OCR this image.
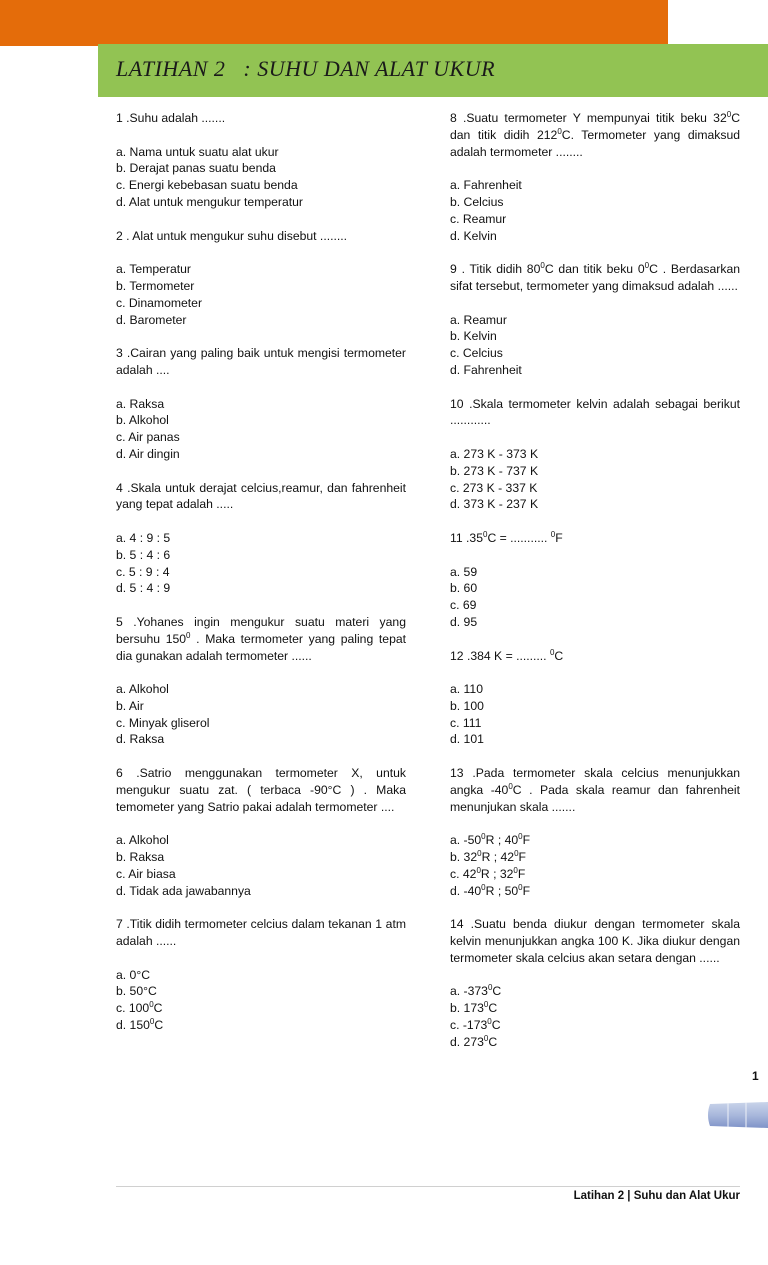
LATIHAN 2   : SUHU DAN ALAT UKUR
1 .Suhu adalah .......
a. Nama untuk suatu alat ukur
b. Derajat panas suatu benda
c. Energi kebebasan suatu benda
d. Alat untuk mengukur temperatur
2 . Alat untuk mengukur suhu disebut ........
a. Temperatur
b. Termometer
c. Dinamometer
d. Barometer
3 .Cairan yang paling baik untuk mengisi termometer adalah ....
a. Raksa
b. Alkohol
c. Air panas
d. Air dingin
4 .Skala untuk derajat celcius,reamur, dan fahrenheit yang tepat adalah .....
a. 4 : 9 : 5
b. 5 : 4 : 6
c. 5 : 9 : 4
d. 5 : 4 : 9
5 .Yohanes ingin mengukur suatu materi yang bersuhu $150^0$ . Maka termometer yang paling tepat dia gunakan adalah termometer ......
a. Alkohol
b. Air
c. Minyak gliserol
d. Raksa
6 .Satrio menggunakan termometer X, untuk mengukur suatu zat. ( terbaca -90°C ) . Maka temometer yang Satrio pakai adalah termometer ....
a. Alkohol
b. Raksa
c. Air biasa
d. Tidak ada jawabannya
7 .Titik didih termometer celcius dalam tekanan 1 atm adalah ......
a. 0°C
b. 50°C
c. $100^0C$
d. $150^0C$
8 .Suatu termometer Y mempunyai titik beku $32^0C$ dan titik didih $212^0C$. Termometer yang dimaksud adalah termometer ........
a. Fahrenheit
b. Celcius
c. Reamur
d. Kelvin
9 . Titik didih $80^0C$ dan titik beku $0^0C$ . Berdasarkan sifat tersebut, termometer yang dimaksud adalah ......
a. Reamur
b. Kelvin
c. Celcius
d. Fahrenheit
10 .Skala termometer kelvin adalah sebagai berikut ............
a. 273 K - 373 K
b. 273 K - 737 K
c. 273 K - 337 K
d. 373 K - 237 K
11 $.35^0C$ = ........... $^0$F
a. 59
b. 60
c. 69
d. 95
12 .384 K = ......... $^0$C
a. 110
b. 100
c. 111
d. 101
13 .Pada termometer skala celcius menunjukkan angka $-40^0C$ . Pada skala reamur dan fahrenheit menunjukan skala .......
a. $-50^0R$ ; $40^0F$
b. $32^0R$ ; $42^0F$
c. $42^0R$ ; $32^0F$
d. $-40^0R$ ; $50^0F$
14 .Suatu benda diukur dengan termometer skala kelvin menunjukkan angka 100 K. Jika diukur dengan termometer skala celcius akan setara dengan ......
a. $-373^0C$
b. $173^0C$
c. $-173^0C$
d. $273^0C$
1
Latihan 2 | Suhu dan Alat Ukur
